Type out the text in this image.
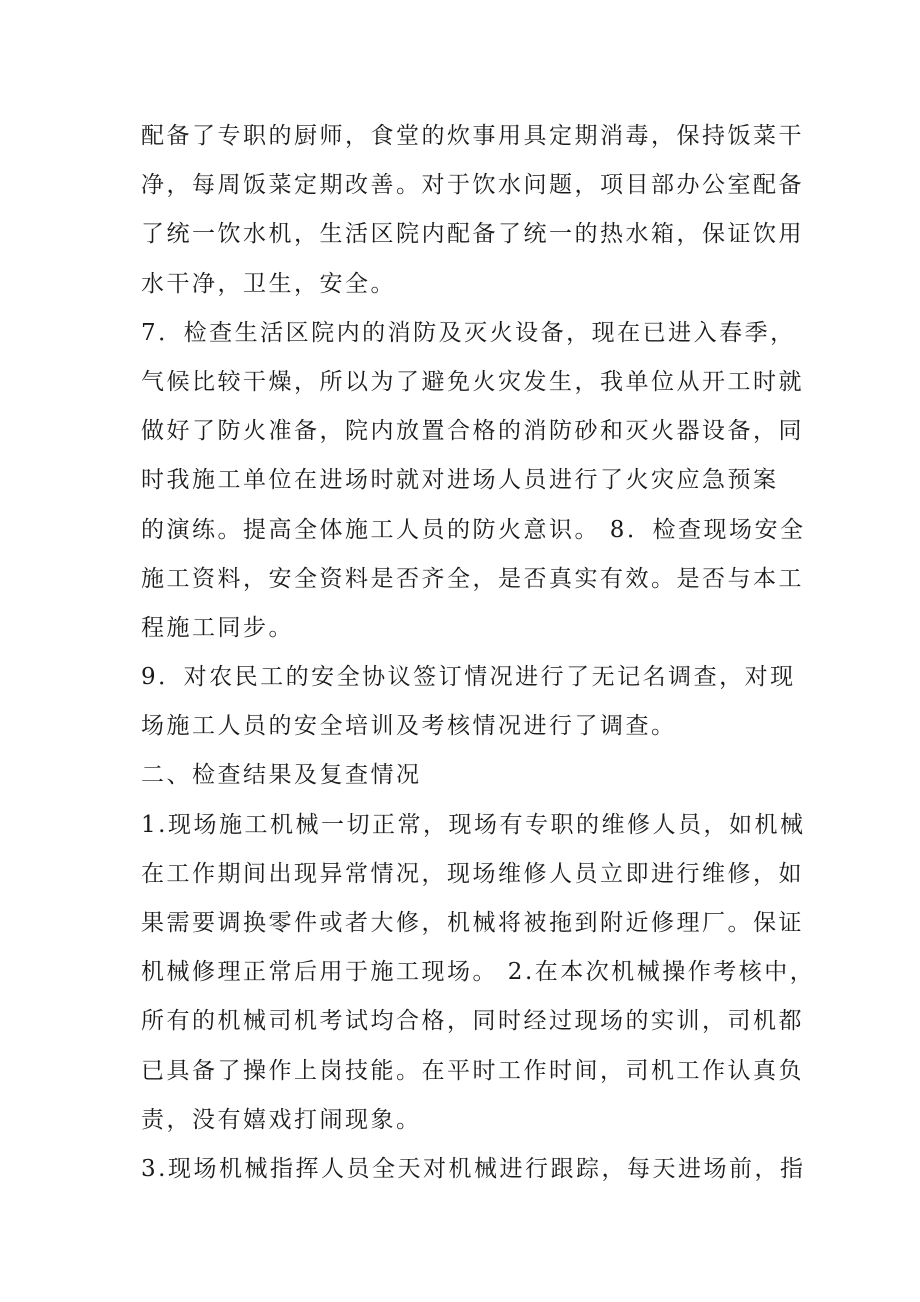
配备了专职的厨师，食堂的炊事用具定期消毒，保持饭菜干
净，每周饭菜定期改善。对于饮水问题，项目部办公室配备
了统一饮水机，生活区院内配备了统一的热水箱，保证饮用
水干净，卫生，安全。
7．检查生活区院内的消防及灭火设备，现在已进入春季，
气候比较干燥，所以为了避免火灾发生，我单位从开工时就
做好了防火准备，院内放置合格的消防砂和灭火器设备，同
时我施工单位在进场时就对进场人员进行了火灾应急预案
的演练。提高全体施工人员的防火意识。 8．检查现场安全
施工资料，安全资料是否齐全，是否真实有效。是否与本工
程施工同步。
9．对农民工的安全协议签订情况进行了无记名调查，对现
场施工人员的安全培训及考核情况进行了调查。
二、检查结果及复查情况
1.现场施工机械一切正常，现场有专职的维修人员，如机械
在工作期间出现异常情况，现场维修人员立即进行维修，如
果需要调换零件或者大修，机械将被拖到附近修理厂。保证
机械修理正常后用于施工现场。 2.在本次机械操作考核中，
所有的机械司机考试均合格，同时经过现场的实训，司机都
已具备了操作上岗技能。在平时工作时间，司机工作认真负
责，没有嬉戏打闹现象。
3.现场机械指挥人员全天对机械进行跟踪，每天进场前，指
